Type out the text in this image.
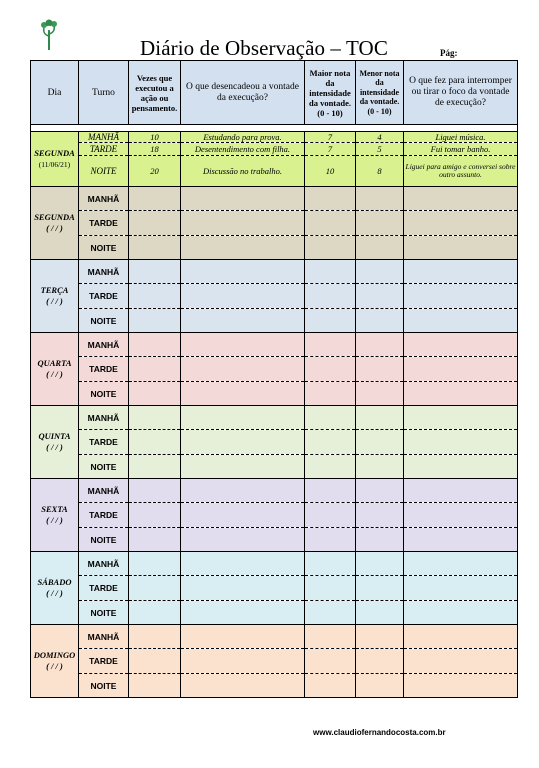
Diário de Observação – TOC	Pág:
Dia	Turno	Vezes que executou a ação ou pensamento.	O que desencadeou a vontade da execução?	Maior nota da intensidade da vontade. (0 - 10)	Menor nota da intensidade da vontade. (0 - 10)	O que fez para interromper ou tirar o foco da vontade de execução?

SEGUNDA
(11/06/21)	MANHÃ	10	Estudando para prova.	7	4	Liguei música.
	TARDE	18	Desentendimento com filha.	7	5	Fui tomar banho.
	NOITE	20	Discussão no trabalho.	10	8	Liguei para amigo e conversei sobre outro assunto.

SEGUNDA
( / / )	MANHÃ					
	TARDE					
	NOITE					

TERÇA
( / / )	MANHÃ					
	TARDE					
	NOITE					

QUARTA
( / / )	MANHÃ					
	TARDE					
	NOITE					

QUINTA
( / / )	MANHÃ					
	TARDE					
	NOITE					

SEXTA
( / / )	MANHÃ					
	TARDE					
	NOITE					

SÁBADO
( / / )	MANHÃ					
	TARDE					
	NOITE					

DOMINGO
( / / )	MANHÃ					
	TARDE					
	NOITE					
www.claudiofernandocosta.com.br
